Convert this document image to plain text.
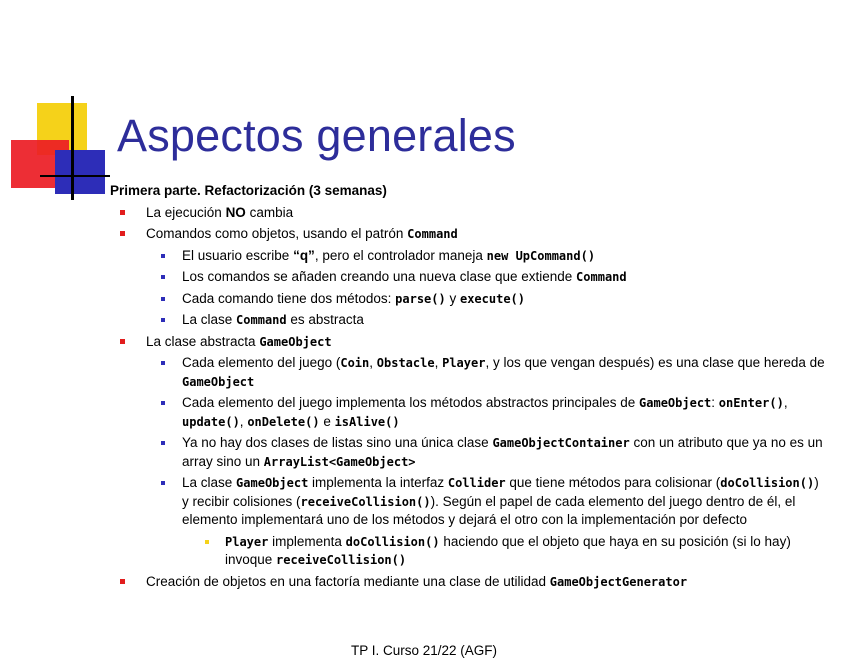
Aspectos generales
Primera parte. Refactorización (3 semanas)
La ejecución NO cambia
Comandos como objetos, usando el patrón Command
El usuario escribe “q”, pero el controlador maneja new UpCommand()
Los comandos se añaden creando una nueva clase que extiende Command
Cada comando tiene dos métodos: parse() y execute()
La clase Command es abstracta
La clase abstracta GameObject
Cada elemento del juego (Coin, Obstacle, Player, y los que vengan después) es una clase que hereda de GameObject
Cada elemento del juego implementa los métodos abstractos principales de GameObject: onEnter(), update(), onDelete() e isAlive()
Ya no hay dos clases de listas sino una única clase GameObjectContainer con un atributo que ya no es un array sino un ArrayList<GameObject>
La clase GameObject implementa la interfaz Collider que tiene métodos para colisionar (doCollision()) y recibir colisiones (receiveCollision()). Según el papel de cada elemento del juego dentro de él, el elemento implementará uno de los métodos y dejará el otro con la implementación por defecto
Player implementa doCollision() haciendo que el objeto que haya en su posición (si lo hay) invoque receiveCollision()
Creación de objetos en una factoría mediante una clase de utilidad GameObjectGenerator
TP I. Curso 21/22 (AGF)
